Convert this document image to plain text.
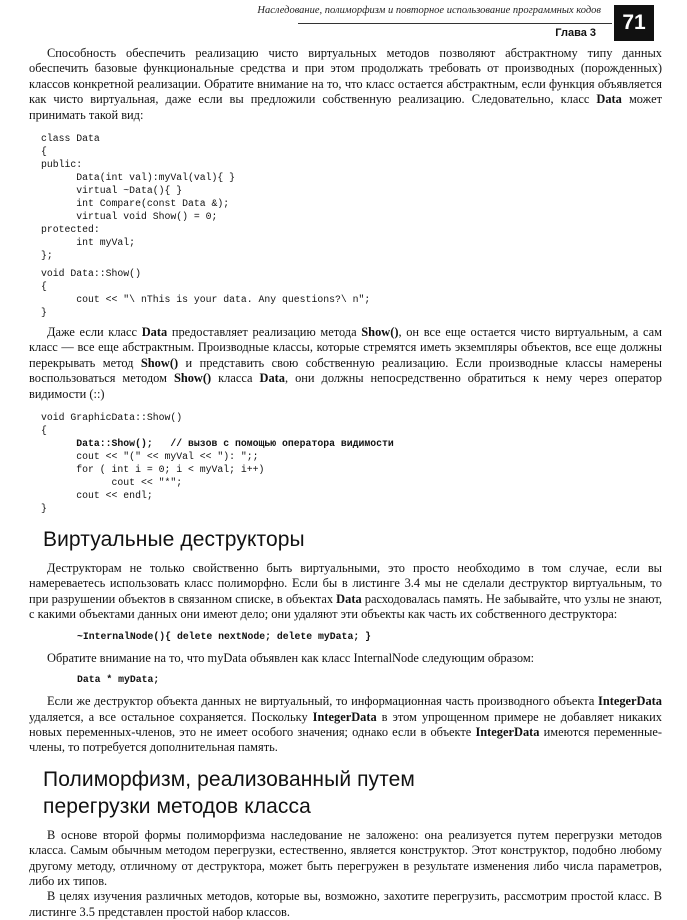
Наследование, полиморфизм и повторное использование программных кодов
Глава 3	71

Способность обеспечить реализацию чисто виртуальных методов позволяют абстрактному типу данных обеспечить базовые функциональные средства и при этом продолжать требовать от производных (порожденных) классов конкретной реализации. Обратите внимание на то, что класс остается абстрактным, если функция объявляется как чисто виртуальная, даже если вы предложили собственную реализацию. Следовательно, класс Data может принимать такой вид:

class Data
{
public:
Data(int val):myVal(val){ }
virtual ~Data(){ }
int Compare(const Data &);
virtual void Show() = 0;
protected:
int myVal;
};
void Data::Show()
{
cout << "\ nThis is your data. Any questions?\ n";
}

Даже если класс Data предоставляет реализацию метода Show(), он все еще остается чисто виртуальным, а сам класс — все еще абстрактным. Производные классы, которые стремятся иметь экземпляры объектов, все еще должны перекрывать метод Show() и представить свою собственную реализацию. Если производные классы намерены воспользоваться методом Show() класса Data, они должны непосредственно обратиться к нему через оператор видимости (::)

void GraphicData::Show()
{
Data::Show();   // вызов с помощью оператора видимости
cout << "(" << myVal << "): ";;
for ( int i = 0; i < myVal; i++)
cout << "*";
cout << endl;
}
Виртуальные деструкторы

Деструкторам не только свойственно быть виртуальными, это просто необходимо в том случае, если вы намереваетесь использовать класс полиморфно. Если бы в листинге 3.4 мы не сделали деструктор виртуальным, то при разрушении объектов в связанном списке, в объектах Data расходовалась память. Не забывайте, что узлы не знают, с какими объектами данных они имеют дело; они удаляют эти объекты как часть их собственного деструктора:

~InternalNode(){ delete nextNode; delete myData; }

Обратите внимание на то, что myData объявлен как класс InternalNode следующим образом:

Data * myData;

Если же деструктор объекта данных не виртуальный, то информационная часть производного объекта IntegerData удаляется, а все остальное сохраняется. Поскольку IntegerData в этом упрощенном примере не добавляет никаких новых переменных-членов, это не имеет особого значения; однако если в объекте IntegerData имеются переменные-члены, то потребуется дополнительная память.

Полиморфизм, реализованный путем
перегрузки методов класса

В основе второй формы полиморфизма наследование не заложено: она реализуется путем перегрузки методов класса. Самым обычным методом перегрузки, естественно, является конструктор. Этот конструктор, подобно любому другому методу, отличному от деструктора, может быть перегружен в результате изменения либо числа параметров, либо их типов.

В целях изучения различных методов, которые вы, возможно, захотите перегрузить, рассмотрим простой класс. В листинге 3.5 представлен простой набор классов.
